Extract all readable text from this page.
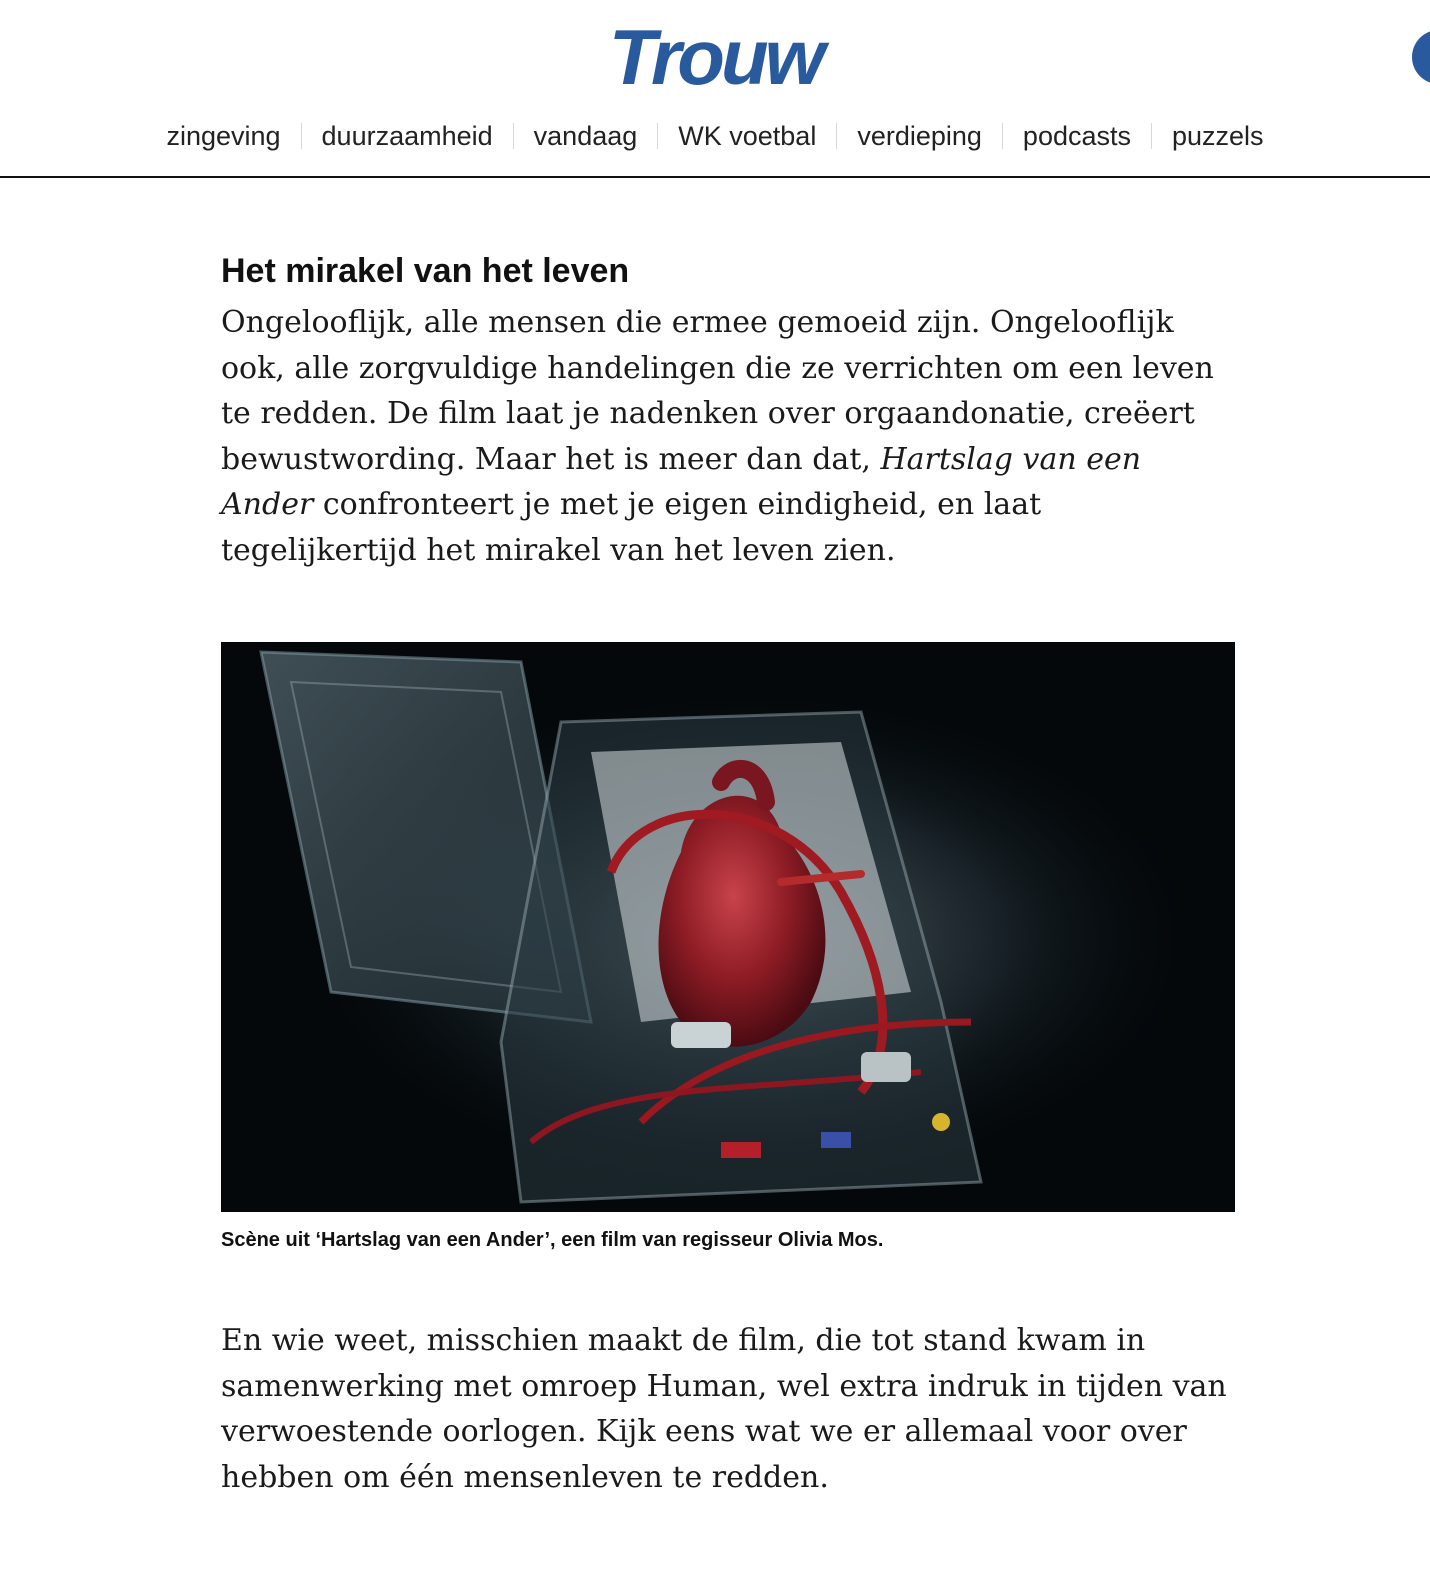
Trouw
zingeving	duurzaamheid	vandaag	WK voetbal	verdieping	podcasts	puzzels
Het mirakel van het leven

Ongelooflijk, alle mensen die ermee gemoeid zijn. Ongelooflijk ook, alle zorgvuldige handelingen die ze verrichten om een leven te redden. De film laat je nadenken over orgaandonatie, creëert bewustwording. Maar het is meer dan dat, Hartslag van een Ander confronteert je met je eigen eindigheid, en laat tegelijkertijd het mirakel van het leven zien.

Scène uit ‘Hartslag van een Ander’, een film van regisseur Olivia Mos.

En wie weet, misschien maakt de film, die tot stand kwam in samenwerking met omroep Human, wel extra indruk in tijden van verwoestende oorlogen. Kijk eens wat we er allemaal voor over hebben om één mensenleven te redden.
